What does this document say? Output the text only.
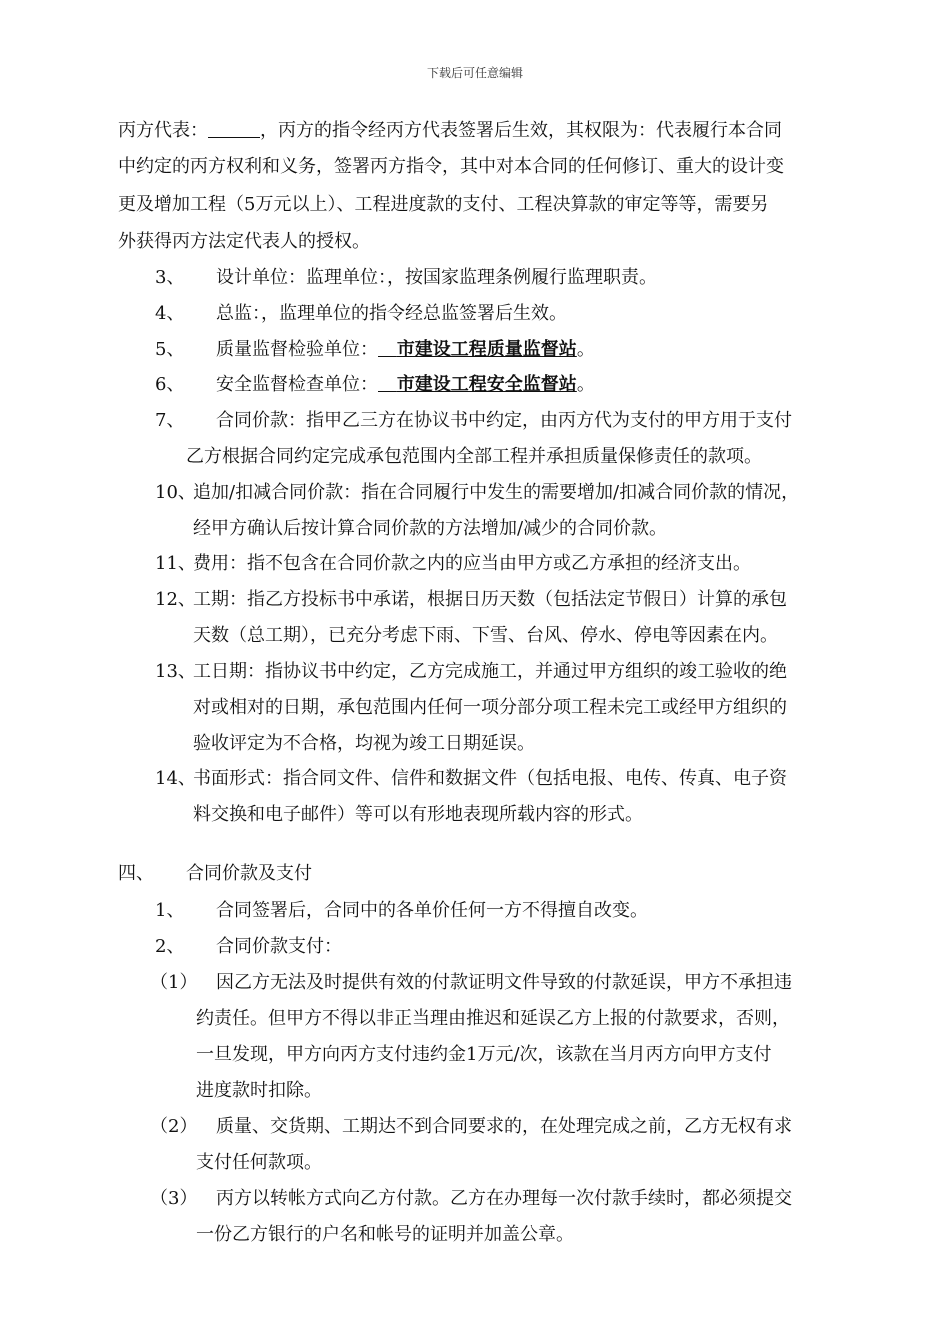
下载后可任意编辑
丙方代表：	，丙方的指令经丙方代表签署后生效，其权限为：代表履行本合同
中约定的丙方权利和义务，签署丙方指令，其中对本合同的任何修订、重大的设计变
更及增加工程（5万元以上）、工程进度款的支付、工程决算款的审定等等，需要另
外获得丙方法定代表人的授权。
3、 设计单位：监理单位：，按国家监理条例履行监理职责。
4、 总监：，监理单位的指令经总监签署后生效。
5、 质量监督检验单位： 市建设工程质量监督站。
6、 安全监督检查单位： 市建设工程安全监督站。
7、 合同价款：指甲乙三方在协议书中约定，由丙方代为支付的甲方用于支付
乙方根据合同约定完成承包范围内全部工程并承担质量保修责任的款项。
10、
追加/扣减合同价款：指在合同履行中发生的需要增加/扣减合同价款的情况，
经甲方确认后按计算合同价款的方法增加/减少的合同价款。
11、
费用：指不包含在合同价款之内的应当由甲方或乙方承担的经济支出。
12、
工期：指乙方投标书中承诺，根据日历天数（包括法定节假日）计算的承包
天数（总工期），已充分考虑下雨、下雪、台风、停水、停电等因素在内。
13、
工日期：指协议书中约定，乙方完成施工，并通过甲方组织的竣工验收的绝
对或相对的日期，承包范围内任何一项分部分项工程未完工或经甲方组织的
验收评定为不合格，均视为竣工日期延误。
14、
书面形式：指合同文件、信件和数据文件（包括电报、电传、传真、电子资
料交换和电子邮件）等可以有形地表现所载内容的形式。
四、 合同价款及支付
1、 合同签署后，合同中的各单价任何一方不得擅自改变。
2、 合同价款支付：
（1） 因乙方无法及时提供有效的付款证明文件导致的付款延误，甲方不承担违
约责任。但甲方不得以非正当理由推迟和延误乙方上报的付款要求，否则，
一旦发现，甲方向丙方支付违约金1万元/次，该款在当月丙方向甲方支付
进度款时扣除。
（2） 质量、交货期、工期达不到合同要求的，在处理完成之前，乙方无权有求
支付任何款项。
（3） 丙方以转帐方式向乙方付款。乙方在办理每一次付款手续时，都必须提交
一份乙方银行的户名和帐号的证明并加盖公章。
